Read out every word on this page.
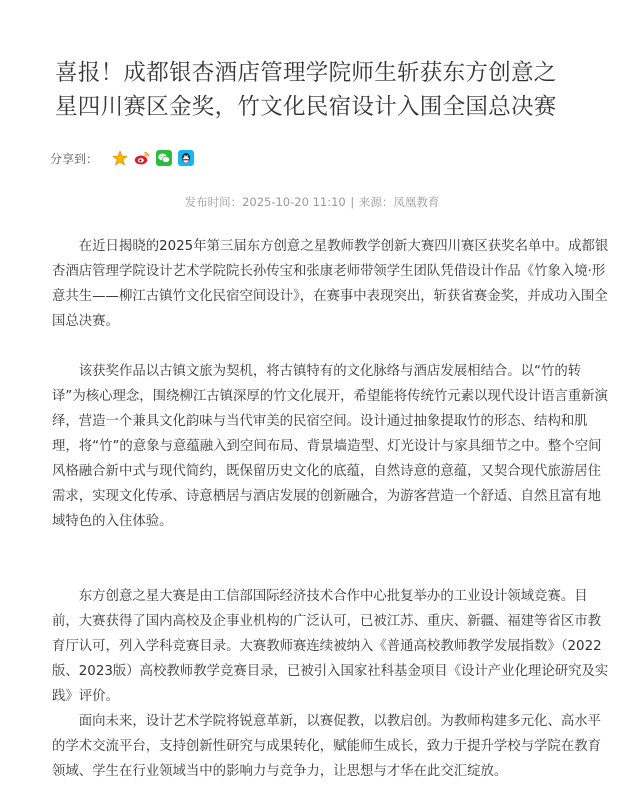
喜报！成都银杏酒店管理学院师生斩获东方创意之
星四川赛区金奖，竹文化民宿设计入围全国总决赛
分享到：
发布时间：2025-10-20 11:10 | 来源：凤凰教育

　　在近日揭晓的2025年第三届东方创意之星教师教学创新大赛四川赛区获奖名单中。成都银杏酒店管理学院设计艺术学院院长孙传宝和张康老师带领学生团队凭借设计作品《竹象入境·形意共生——柳江古镇竹文化民宿空间设计》，在赛事中表现突出，斩获省赛金奖，并成功入围全国总决赛。

　　该获奖作品以古镇文旅为契机，将古镇特有的文化脉络与酒店发展相结合。以“竹的转译”为核心理念，围绕柳江古镇深厚的竹文化展开，希望能将传统竹元素以现代设计语言重新演绎，营造一个兼具文化韵味与当代审美的民宿空间。设计通过抽象提取竹的形态、结构和肌理，将“竹”的意象与意蕴融入到空间布局、背景墙造型、灯光设计与家具细节之中。整个空间风格融合新中式与现代简约，既保留历史文化的底蕴，自然诗意的意蕴，又契合现代旅游居住需求，实现文化传承、诗意栖居与酒店发展的创新融合，为游客营造一个舒适、自然且富有地域特色的入住体验。

　　东方创意之星大赛是由工信部国际经济技术合作中心批复举办的工业设计领域竞赛。目前，大赛获得了国内高校及企事业机构的广泛认可，已被江苏、重庆、新疆、福建等省区市教育厅认可，列入学科竞赛目录。大赛教师赛连续被纳入《普通高校教师教学发展指数》（2022版、2023版）高校教师教学竞赛目录，已被引入国家社科基金项目《设计产业化理论研究及实践》评价。

　　面向未来，设计艺术学院将锐意革新，以赛促教，以教启创。为教师构建多元化、高水平的学术交流平台，支持创新性研究与成果转化，赋能师生成长，致力于提升学校与学院在教育领域、学生在行业领域当中的影响力与竞争力，让思想与才华在此交汇绽放。
